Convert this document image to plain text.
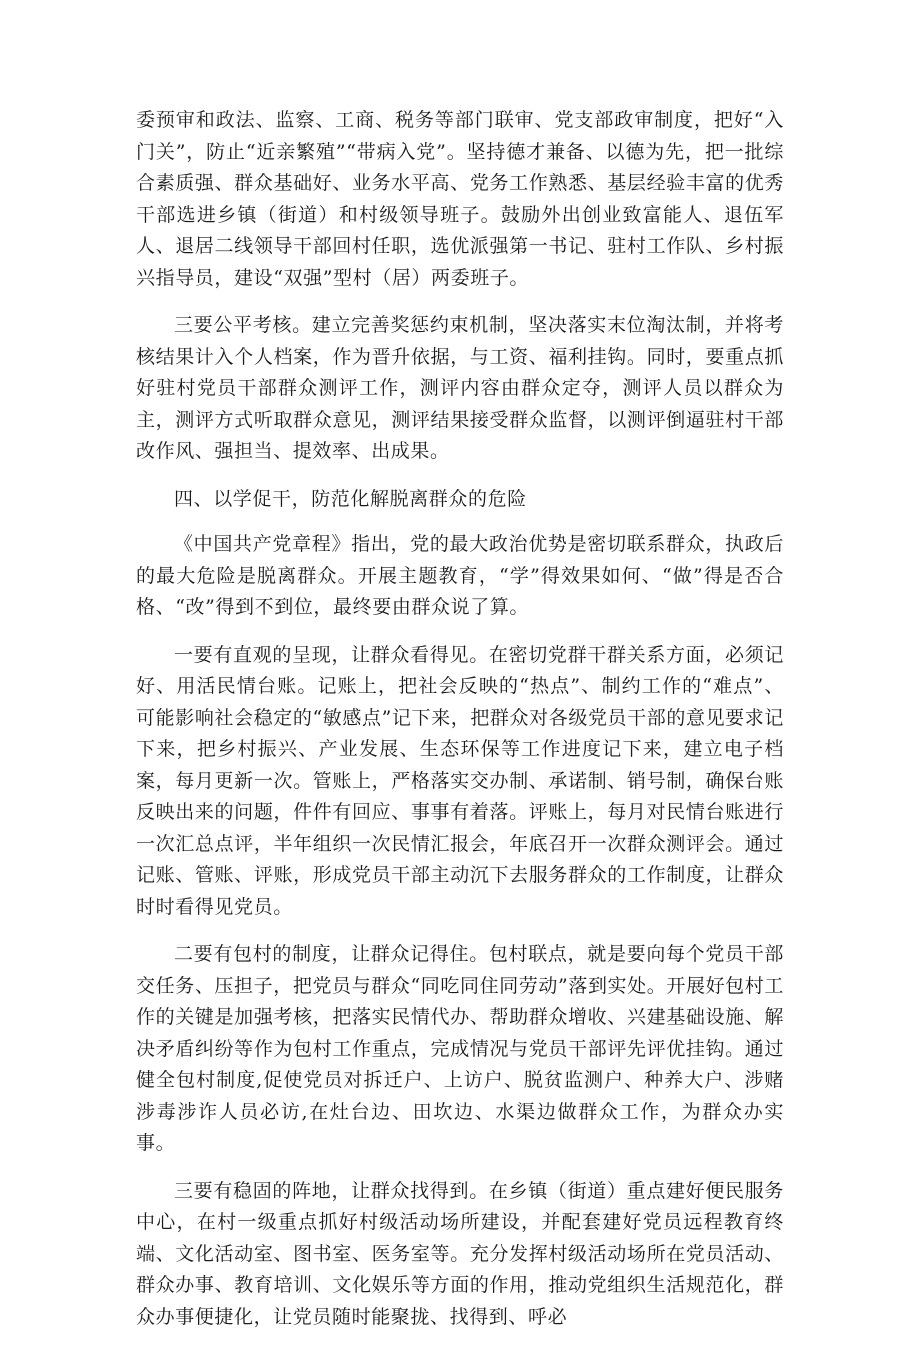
委预审和政法、监察、工商、税务等部门联审、党支部政审制度，把好“入门关”，防止“近亲繁殖”“带病入党”。坚持德才兼备、以德为先，把一批综合素质强、群众基础好、业务水平高、党务工作熟悉、基层经验丰富的优秀干部选进乡镇（街道）和村级领导班子。鼓励外出创业致富能人、退伍军人、退居二线领导干部回村任职，选优派强第一书记、驻村工作队、乡村振兴指导员，建设“双强”型村（居）两委班子。

三要公平考核。建立完善奖惩约束机制，坚决落实末位淘汰制，并将考核结果计入个人档案，作为晋升依据，与工资、福利挂钩。同时，要重点抓好驻村党员干部群众测评工作，测评内容由群众定夺，测评人员以群众为主，测评方式听取群众意见，测评结果接受群众监督，以测评倒逼驻村干部改作风、强担当、提效率、出成果。

四、以学促干，防范化解脱离群众的危险

《中国共产党章程》指出，党的最大政治优势是密切联系群众，执政后的最大危险是脱离群众。开展主题教育，“学”得效果如何、“做”得是否合格、“改”得到不到位，最终要由群众说了算。

一要有直观的呈现，让群众看得见。在密切党群干群关系方面，必须记好、用活民情台账。记账上，把社会反映的“热点”、制约工作的“难点”、可能影响社会稳定的“敏感点”记下来，把群众对各级党员干部的意见要求记下来，把乡村振兴、产业发展、生态环保等工作进度记下来，建立电子档案，每月更新一次。管账上，严格落实交办制、承诺制、销号制，确保台账反映出来的问题，件件有回应、事事有着落。评账上，每月对民情台账进行一次汇总点评，半年组织一次民情汇报会，年底召开一次群众测评会。通过记账、管账、评账，形成党员干部主动沉下去服务群众的工作制度，让群众时时看得见党员。

二要有包村的制度，让群众记得住。包村联点，就是要向每个党员干部交任务、压担子，把党员与群众“同吃同住同劳动”落到实处。开展好包村工作的关键是加强考核，把落实民情代办、帮助群众增收、兴建基础设施、解决矛盾纠纷等作为包村工作重点，完成情况与党员干部评先评优挂钩。通过健全包村制度,促使党员对拆迁户、上访户、脱贫监测户、种养大户、涉赌涉毒涉诈人员必访,在灶台边、田坎边、水渠边做群众工作，为群众办实事。

三要有稳固的阵地，让群众找得到。在乡镇（街道）重点建好便民服务中心，在村一级重点抓好村级活动场所建设，并配套建好党员远程教育终端、文化活动室、图书室、医务室等。充分发挥村级活动场所在党员活动、群众办事、教育培训、文化娱乐等方面的作用，推动党组织生活规范化，群众办事便捷化，让党员随时能聚拢、找得到、呼必
